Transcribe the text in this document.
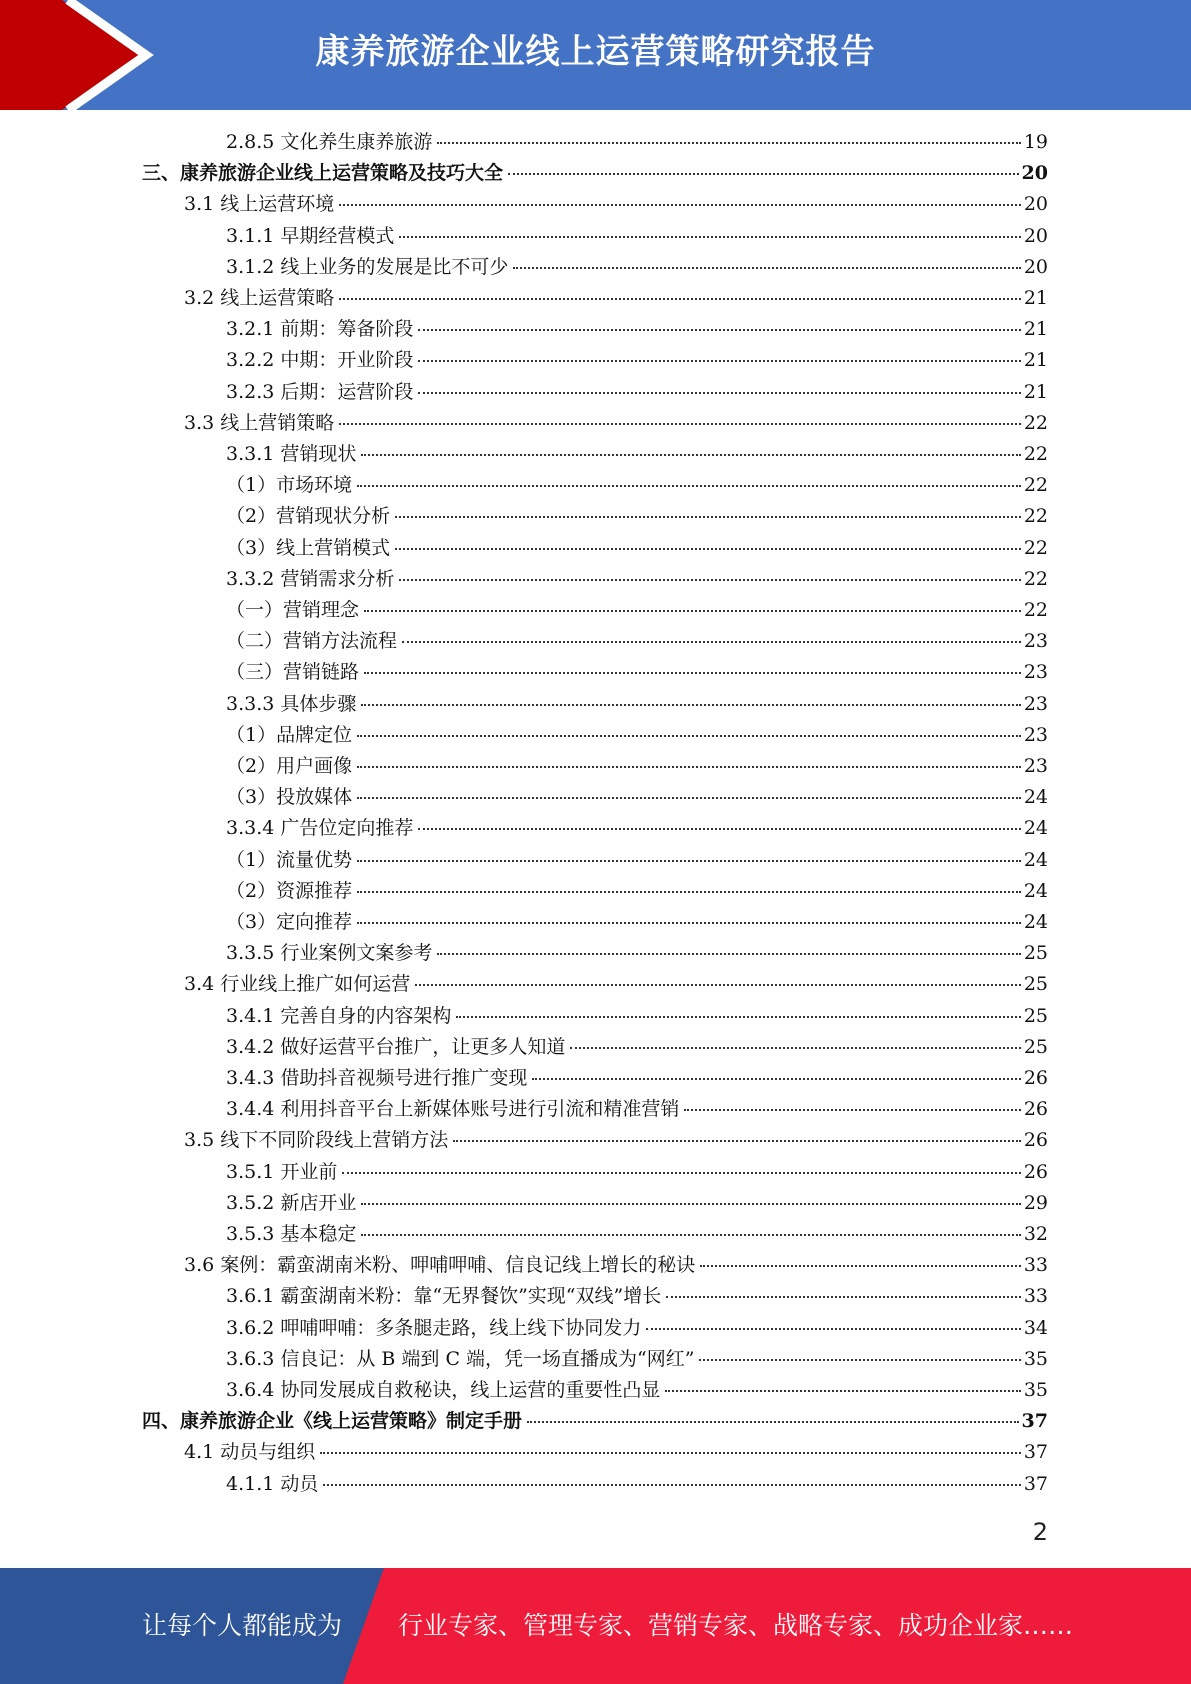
康养旅游企业线上运营策略研究报告
2.8.5 文化养生康养旅游	19
三、康养旅游企业线上运营策略及技巧大全	20
3.1 线上运营环境	20
3.1.1 早期经营模式	20
3.1.2 线上业务的发展是比不可少	20
3.2 线上运营策略	21
3.2.1 前期：筹备阶段	21
3.2.2 中期：开业阶段	21
3.2.3 后期：运营阶段	21
3.3 线上营销策略	22
3.3.1 营销现状	22
（1）市场环境	22
（2）营销现状分析	22
（3）线上营销模式	22
3.3.2 营销需求分析	22
（一）营销理念	22
（二）营销方法流程	23
（三）营销链路	23
3.3.3 具体步骤	23
（1）品牌定位	23
（2）用户画像	23
（3）投放媒体	24
3.3.4 广告位定向推荐	24
（1）流量优势	24
（2）资源推荐	24
（3）定向推荐	24
3.3.5 行业案例文案参考	25
3.4 行业线上推广如何运营	25
3.4.1 完善自身的内容架构	25
3.4.2 做好运营平台推广，让更多人知道	25
3.4.3 借助抖音视频号进行推广变现	26
3.4.4 利用抖音平台上新媒体账号进行引流和精准营销	26
3.5 线下不同阶段线上营销方法	26
3.5.1 开业前	26
3.5.2 新店开业	29
3.5.3 基本稳定	32
3.6 案例：霸蛮湖南米粉、呷哺呷哺、信良记线上增长的秘诀	33
3.6.1 霸蛮湖南米粉：靠“无界餐饮”实现“双线”增长	33
3.6.2 呷哺呷哺：多条腿走路，线上线下协同发力	34
3.6.3 信良记：从 B 端到 C 端，凭一场直播成为“网红”	35
3.6.4 协同发展成自救秘诀，线上运营的重要性凸显	35
四、康养旅游企业《线上运营策略》制定手册	37
4.1 动员与组织	37
4.1.1 动员	37
2
让每个人都能成为 行业专家、管理专家、营销专家、战略专家、成功企业家……
